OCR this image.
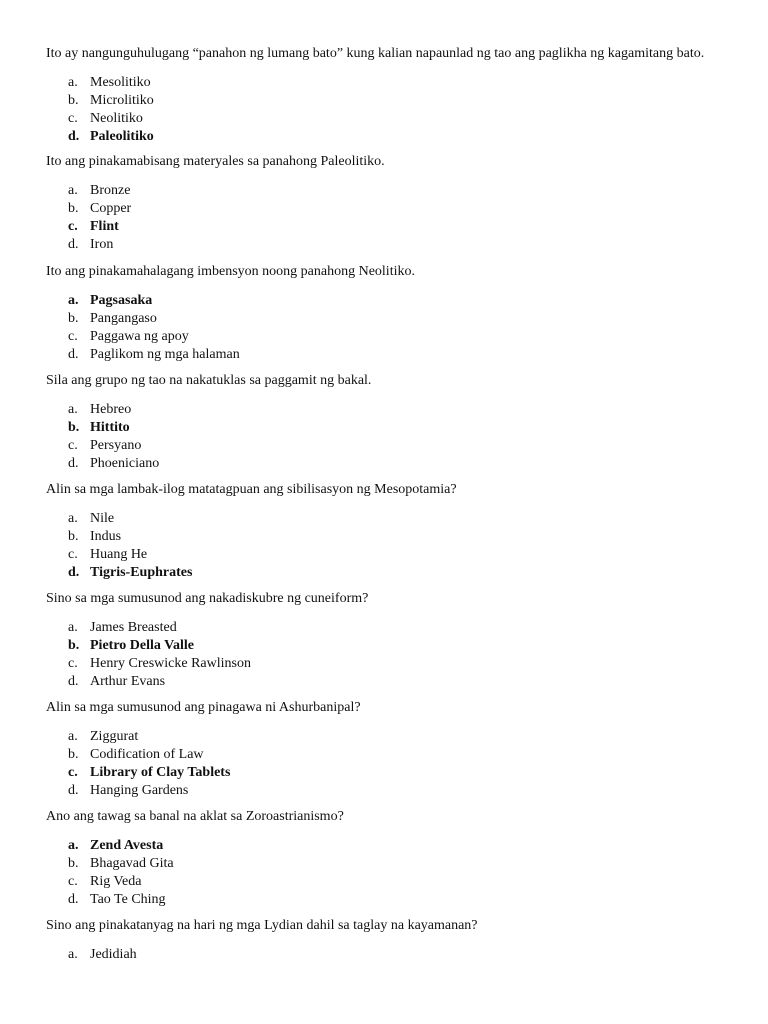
Ito ay nangunguhulugang “panahon ng lumang bato” kung kalian napaunlad ng tao ang paglikha ng kagamitang bato.

a. Mesolitiko
b. Microlitiko
c. Neolitiko
d. Paleolitiko

Ito ang pinakamabisang materyales sa panahong Paleolitiko.

a. Bronze
b. Copper
c. Flint
d. Iron

Ito ang pinakamahalagang imbensyon noong panahong Neolitiko.

a. Pagsasaka
b. Pangangaso
c. Paggawa ng apoy
d. Paglikom ng mga halaman

Sila ang grupo ng tao na nakatuklas sa paggamit ng bakal.

a. Hebreo
b. Hittito
c. Persyano
d. Phoeniciano

Alin sa mga lambak-ilog matatagpuan ang sibilisasyon ng Mesopotamia?

a. Nile
b. Indus
c. Huang He
d. Tigris-Euphrates

Sino sa mga sumusunod ang nakadiskubre ng cuneiform?

a. James Breasted
b. Pietro Della Valle
c. Henry Creswicke Rawlinson
d. Arthur Evans

Alin sa mga sumusunod ang pinagawa ni Ashurbanipal?

a. Ziggurat
b. Codification of Law
c. Library of Clay Tablets
d. Hanging Gardens

Ano ang tawag sa banal na aklat sa Zoroastrianismo?

a. Zend Avesta
b. Bhagavad Gita
c. Rig Veda
d. Tao Te Ching

Sino ang pinakatanyag na hari ng mga Lydian dahil sa taglay na kayamanan?

a. Jedidiah
